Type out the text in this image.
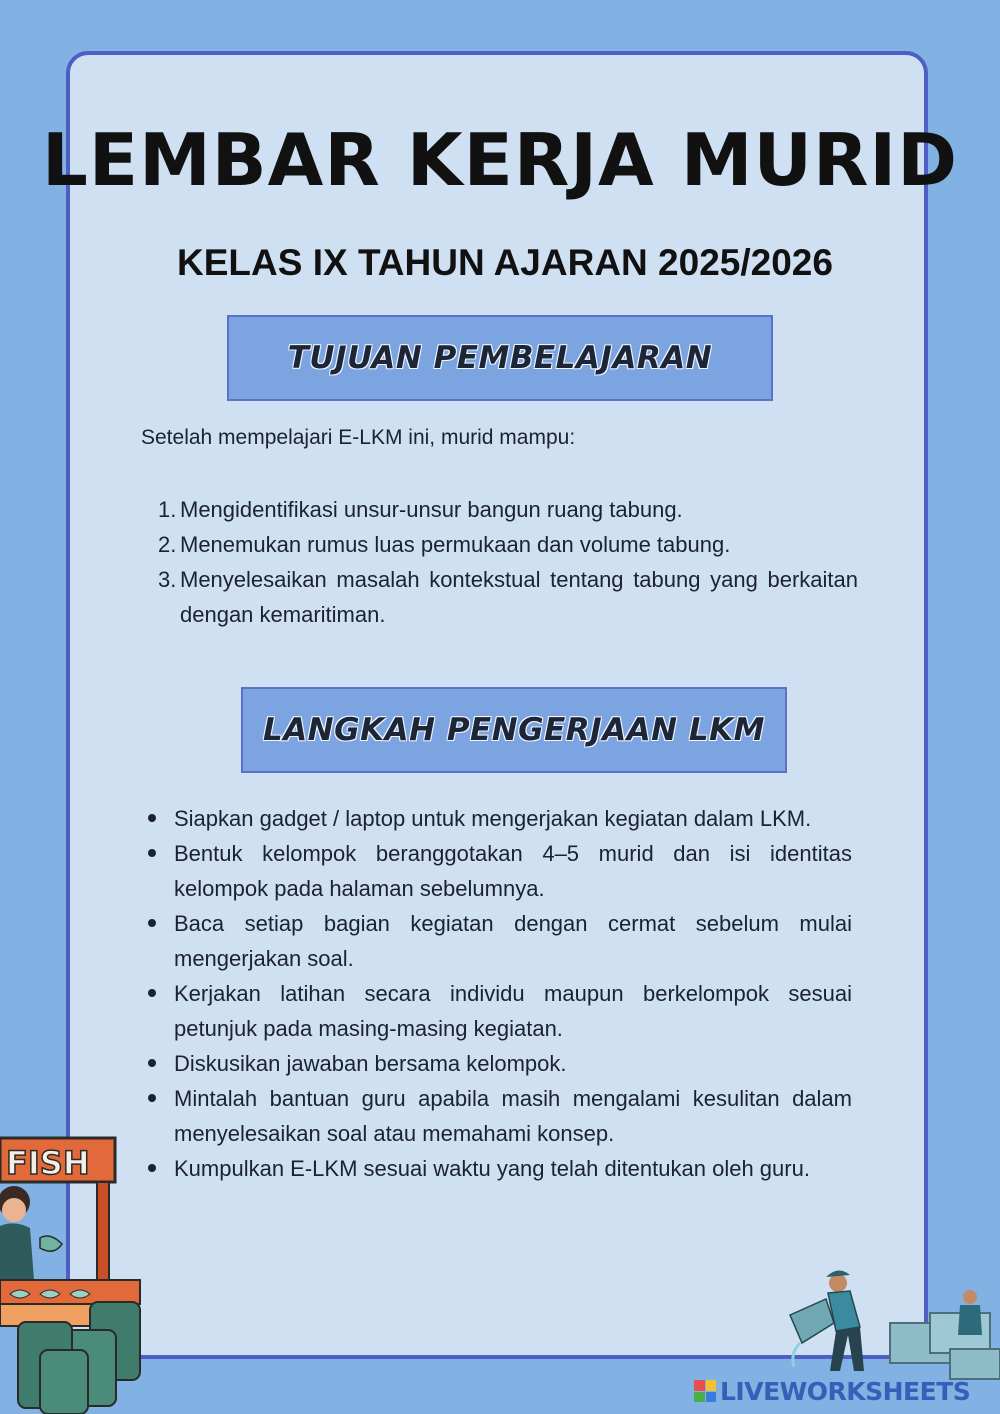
LEMBAR KERJA MURID
KELAS IX TAHUN AJARAN 2025/2026
TUJUAN PEMBELAJARAN
Setelah mempelajari E-LKM ini, murid mampu:
1. Mengidentifikasi unsur-unsur bangun ruang tabung.
2. Menemukan rumus luas permukaan dan volume tabung.
3. Menyelesaikan masalah kontekstual tentang tabung yang berkaitan dengan kemaritiman.
LANGKAH PENGERJAAN LKM
Siapkan gadget / laptop untuk mengerjakan kegiatan dalam LKM.
Bentuk kelompok beranggotakan 4–5 murid dan isi identitas kelompok pada halaman sebelumnya.
Baca setiap bagian kegiatan dengan cermat sebelum mulai mengerjakan soal.
Kerjakan latihan secara individu maupun berkelompok sesuai petunjuk pada masing-masing kegiatan.
Diskusikan jawaban bersama kelompok.
Mintalah bantuan guru apabila masih mengalami kesulitan dalam menyelesaikan soal atau memahami konsep.
Kumpulkan E-LKM sesuai waktu yang telah ditentukan oleh guru.
FISH
LIVEWORKSHEETS
